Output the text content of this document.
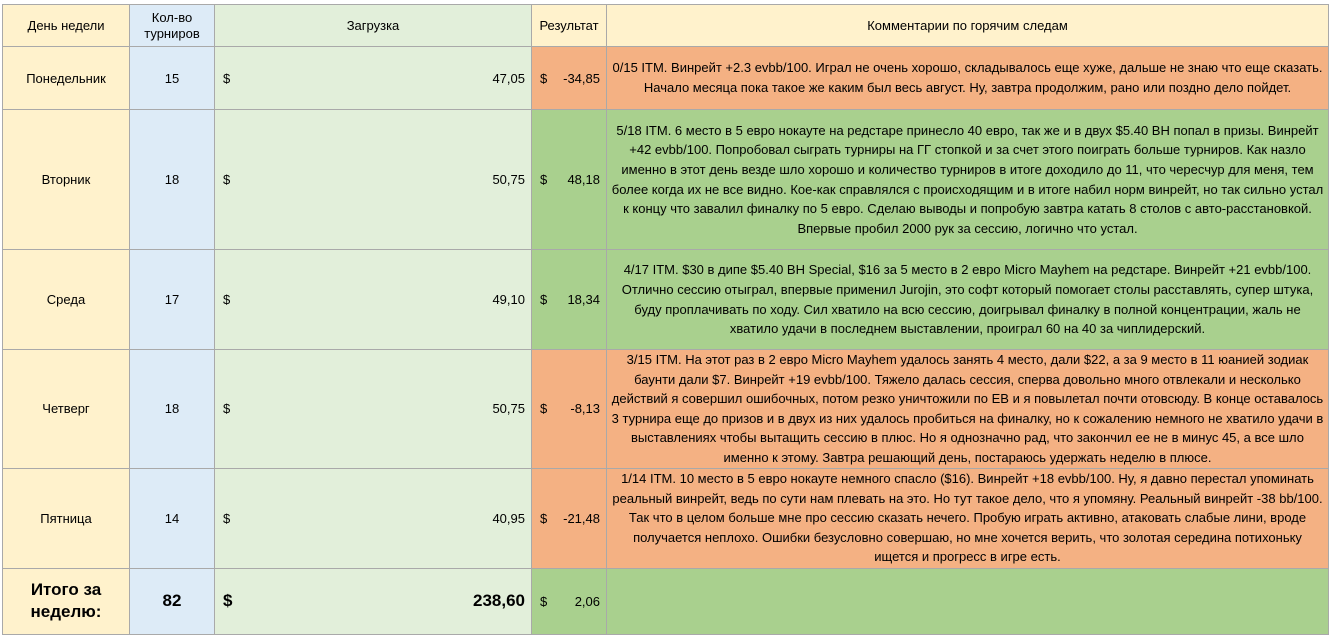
День недели	Кол-во турниров	Загрузка	Результат	Комментарии по горячим следам
Понедельник	15	$ 47,05	$ -34,85	0/15 ITM. Винрейт +2.3 evbb/100. Играл не очень хорошо, складывалось еще хуже, дальше не знаю что еще сказать. Начало месяца пока такое же каким был весь август. Ну, завтра продолжим, рано или поздно дело пойдет.

Вторник	18	$ 50,75	$ 48,18	5/18 ITM. 6 место в 5 евро нокауте на редстаре принесло 40 евро, так же и в двух $5.40 BH попал в призы. Винрейт +42 evbb/100. Попробовал сыграть турниры на ГГ стопкой и за счет этого поиграть больше турниров. Как назло именно в этот день везде шло хорошо и количество турниров в итоге доходило до 11, что чересчур для меня, тем более когда их не все видно. Кое-как справлялся с происходящим и в итоге набил норм винрейт, но так сильно устал к концу что завалил финалку по 5 евро. Сделаю выводы и попробую завтра катать 8 столов с авто-расстановкой. Впервые пробил 2000 рук за сессию, логично что устал.

Среда	17	$ 49,10	$ 18,34	4/17 ITM. $30 в дипе $5.40 BH Special, $16 за 5 место в 2 евро Micro Mayhem на редстаре. Винрейт +21 evbb/100. Отлично сессию отыграл, впервые применил Jurojin, это софт который помогает столы расставлять, супер штука, буду проплачивать по ходу. Сил хватило на всю сессию, доигрывал финалку в полной концентрации, жаль не хватило удачи в последнем выставлении, проиграл 60 на 40 за чиплидерский.

Четверг	18	$ 50,75	$ -8,13	3/15 ITM. На этот раз в 2 евро Micro Mayhem удалось занять 4 место, дали $22, а за 9 место в 11 юанией зодиак баунти дали $7. Винрейт +19 evbb/100. Тяжело далась сессия, сперва довольно много отвлекали и несколько действий я совершил ошибочных, потом резко уничтожили по ЕВ и я повылетал почти отовсюду. В конце оставалось 3 турнира еще до призов и в двух из них удалось пробиться на финалку, но к сожалению немного не хватило удачи в выставлениях чтобы вытащить сессию в плюс. Но я однозначно рад, что закончил ее не в минус 45, а все шло именно к этому. Завтра решающий день, постараюсь удержать неделю в плюсе.

Пятница	14	$ 40,95	$ -21,48	1/14 ITM. 10 место в 5 евро нокауте немного спасло ($16). Винрейт +18 evbb/100. Ну, я давно перестал упоминать реальный винрейт, ведь по сути нам плевать на это. Но тут такое дело, что я упомяну. Реальный винрейт -38 bb/100. Так что в целом больше мне про сессию сказать нечего. Пробую играть активно, атаковать слабые лини, вроде получается неплохо. Ошибки безусловно совершаю, но мне хочется верить, что золотая середина потихоньку ищется и прогресс в игре есть.

Итого за неделю:	82	$ 238,60	$ 2,06	
